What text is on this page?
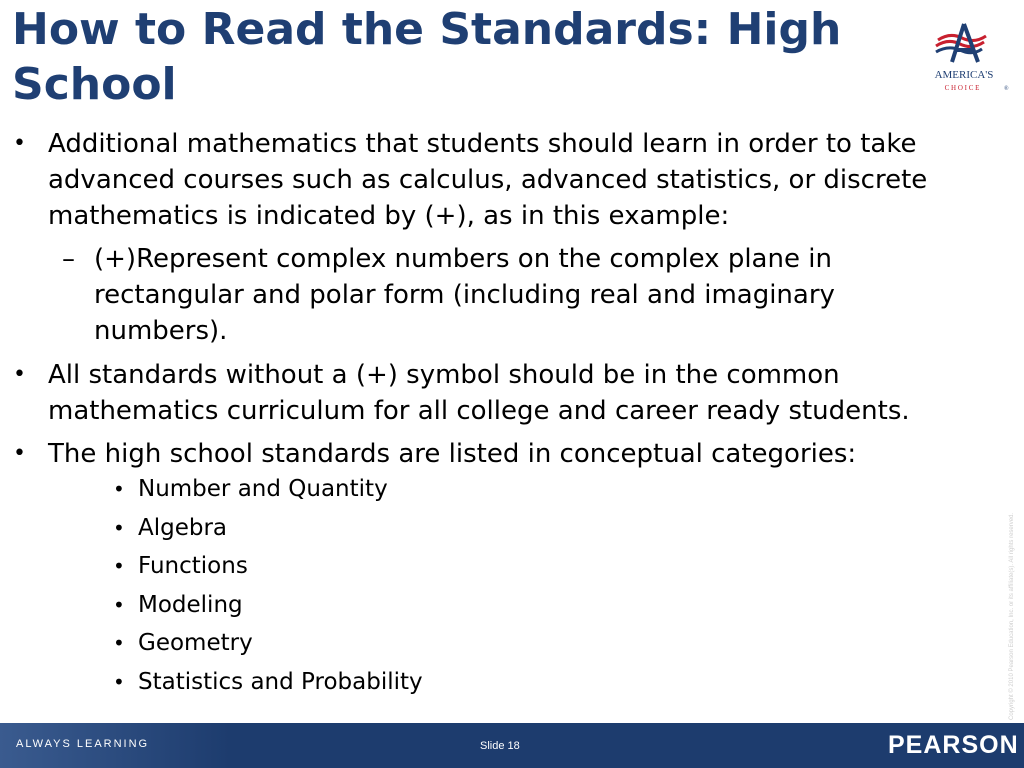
How to Read the Standards: High School	AMERICA'S
C H O I C E	®
• Additional mathematics that students should learn in order to take advanced courses such as calculus, advanced statistics, or discrete mathematics is indicated by (+), as in this example:
– (+)Represent complex numbers on the complex plane in rectangular and polar form (including real and imaginary numbers).
• All standards without a (+) symbol should be in the common mathematics curriculum for all college and career ready students.
• The high school standards are listed in conceptual categories:
• Number and Quantity
• Algebra
• Functions
• Modeling
• Geometry
• Statistics and Probability	Copyright © 2010 Pearson Education, Inc. or its affiliate(s). All rights reserved.
ALWAYS LEARNING	Slide 18	PEARSON
